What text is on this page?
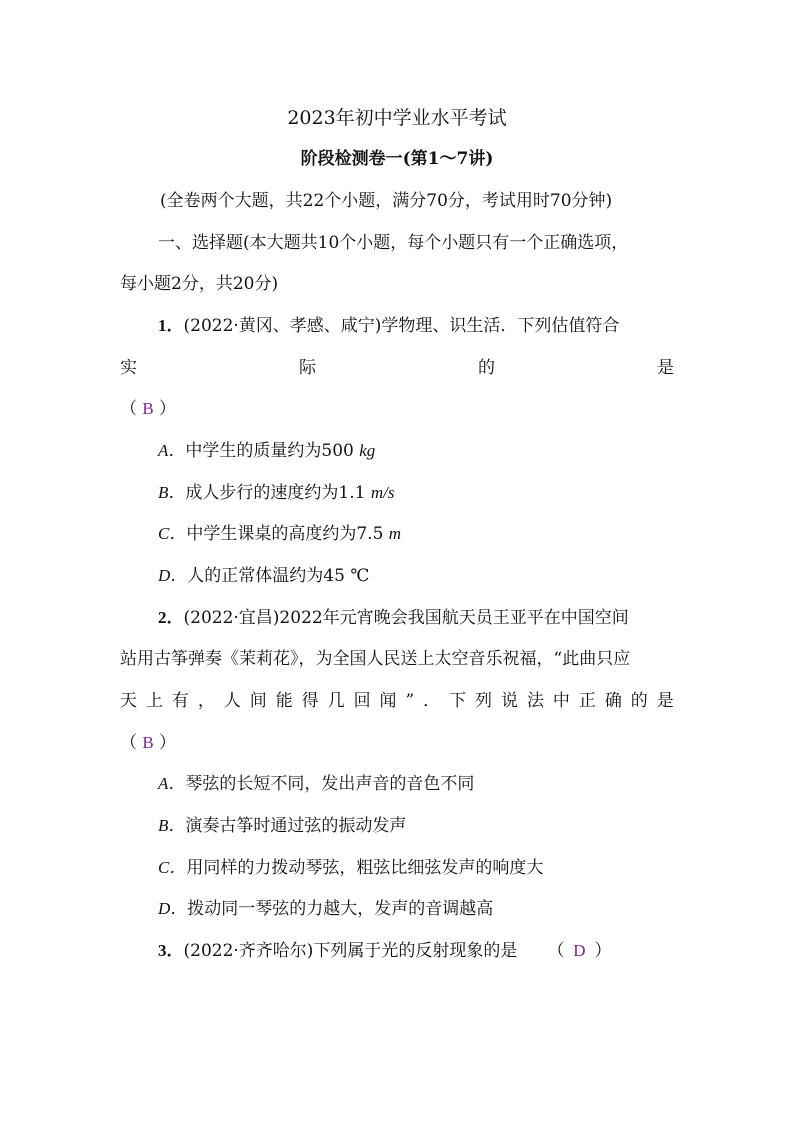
2023年初中学业水平考试
阶段检测卷一(第1～7讲)
(全卷两个大题，共22个小题，满分70分，考试用时70分钟)
一、选择题(本大题共10个小题，每个小题只有一个正确选项，
每小题2分，共20分)
1．(2022·黄冈、孝感、咸宁)学物理、识生活．下列估值符合
实	际	的	是
（ B ）
A．中学生的质量约为500 kg
B．成人步行的速度约为1.1 m/s
C．中学生课桌的高度约为7.5 m
D．人的正常体温约为45 ℃
2．(2022·宜昌)2022年元宵晚会我国航天员王亚平在中国空间
站用古筝弹奏《茉莉花》，为全国人民送上太空音乐祝福，“此曲只应
天 上 有 ， 人 间 能 得 几 回 闻 ” ． 下 列 说 法 中 正 确 的 是
（ B ）
A．琴弦的长短不同，发出声音的音色不同
B．演奏古筝时通过弦的振动发声
C．用同样的力拨动琴弦，粗弦比细弦发声的响度大
D．拨动同一琴弦的力越大，发声的音调越高
3．(2022·齐齐哈尔)下列属于光的反射现象的是 （ D ）
